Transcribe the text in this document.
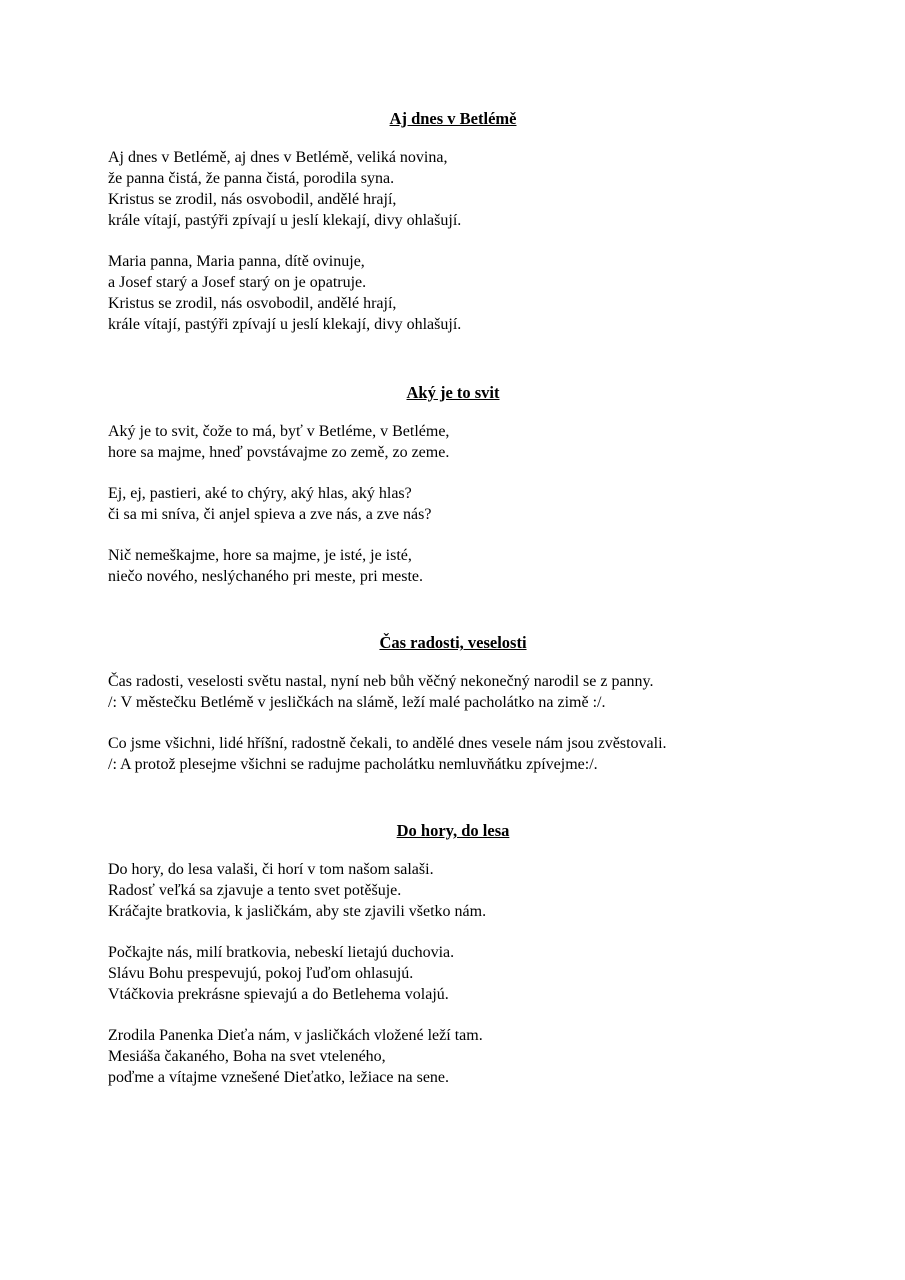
Aj dnes v Betlémě
Aj dnes v Betlémě, aj dnes v Betlémě, veliká novina,
že panna čistá, že panna čistá, porodila syna.
Kristus se zrodil, nás osvobodil, andělé hrají,
krále vítají, pastýři zpívají u jeslí klekají, divy ohlašují.
Maria panna, Maria panna, dítě ovinuje,
a Josef starý a Josef starý on je opatruje.
Kristus se zrodil, nás osvobodil, andělé hrají,
krále vítají, pastýři zpívají u jeslí klekají, divy ohlašují.
Aký je to svit
Aký je to svit, čože to má, byť v Betléme, v Betléme,
hore sa majme, hneď povstávajme zo země, zo zeme.
Ej, ej, pastieri, aké to chýry, aký hlas, aký hlas?
či sa mi sníva, či anjel spieva a zve nás, a zve nás?
Nič nemeškajme, hore sa majme, je isté, je isté,
niečo nového, neslýchaného pri meste, pri meste.
Čas radosti, veselosti
Čas radosti, veselosti světu nastal, nyní neb bůh věčný nekonečný narodil se z panny.
/: V městečku Betlémě v jesličkách na slámě, leží malé pacholátko na zimě :/.
Co jsme všichni, lidé hříšní, radostně čekali, to andělé dnes vesele nám jsou zvěstovali.
/: A protož plesejme všichni se radujme pacholátku nemluvňátku zpívejme:/.
Do hory, do lesa
Do hory, do lesa valaši, či horí v tom našom salaši.
Radosť veľká sa zjavuje a tento svet potěšuje.
Kráčajte bratkovia, k jasličkám, aby ste zjavili všetko nám.
Počkajte nás, milí bratkovia, nebeskí lietajú duchovia.
Slávu Bohu prespevujú, pokoj ľuďom ohlasujú.
Vtáčkovia prekrásne spievajú a do Betlehema volajú.
Zrodila Panenka Dieťa nám, v jasličkách vložené leží tam.
Mesiáša čakaného, Boha na svet vteleného,
poďme a vítajme vznešené Dieťatko, ležiace na sene.
